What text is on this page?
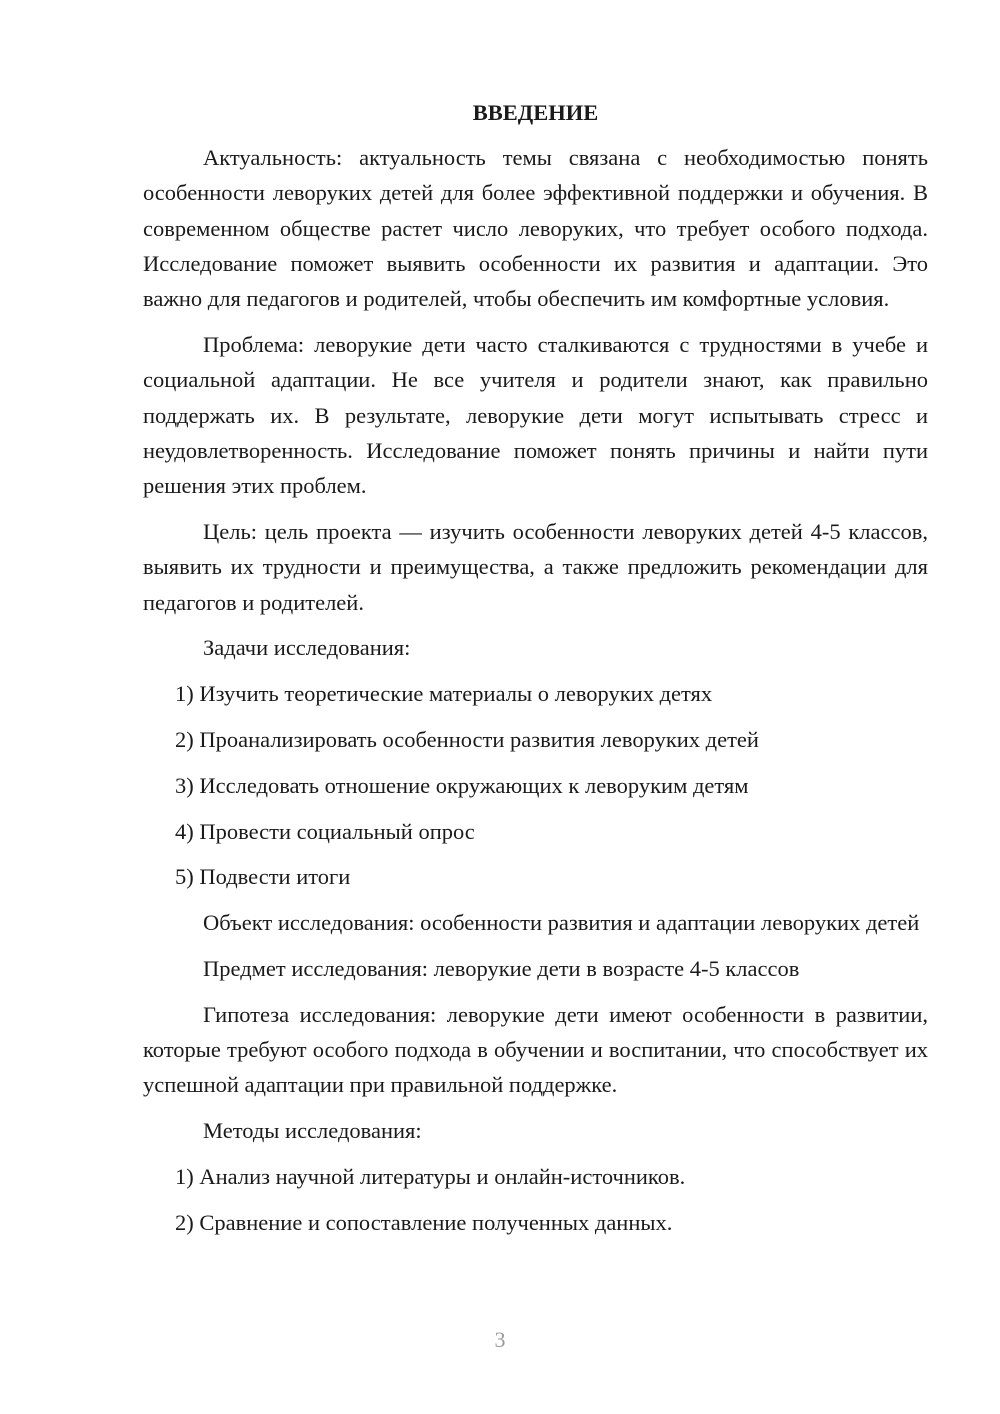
ВВЕДЕНИЕ

Актуальность: актуальность темы связана с необходимостью понять особенности леворуких детей для более эффективной поддержки и обучения. В современном обществе растет число леворуких, что требует особого подхода. Исследование поможет выявить особенности их развития и адаптации. Это важно для педагогов и родителей, чтобы обеспечить им комфортные условия.

Проблема: леворукие дети часто сталкиваются с трудностями в учебе и социальной адаптации. Не все учителя и родители знают, как правильно поддержать их. В результате, леворукие дети могут испытывать стресс и неудовлетворенность. Исследование поможет понять причины и найти пути решения этих проблем.

Цель: цель проекта — изучить особенности леворуких детей 4-5 классов, выявить их трудности и преимущества, а также предложить рекомендации для педагогов и родителей.

Задачи исследования:
1) Изучить теоретические материалы о леворуких детях
2) Проанализировать особенности развития леворуких детей
3) Исследовать отношение окружающих к леворуким детям
4) Провести социальный опрос
5) Подвести итоги

Объект исследования: особенности развития и адаптации леворуких детей

Предмет исследования: леворукие дети в возрасте 4-5 классов

Гипотеза исследования: леворукие дети имеют особенности в развитии, которые требуют особого подхода в обучении и воспитании, что способствует их успешной адаптации при правильной поддержке.

Методы исследования:
1) Анализ научной литературы и онлайн-источников.
2) Сравнение и сопоставление полученных данных.
3
